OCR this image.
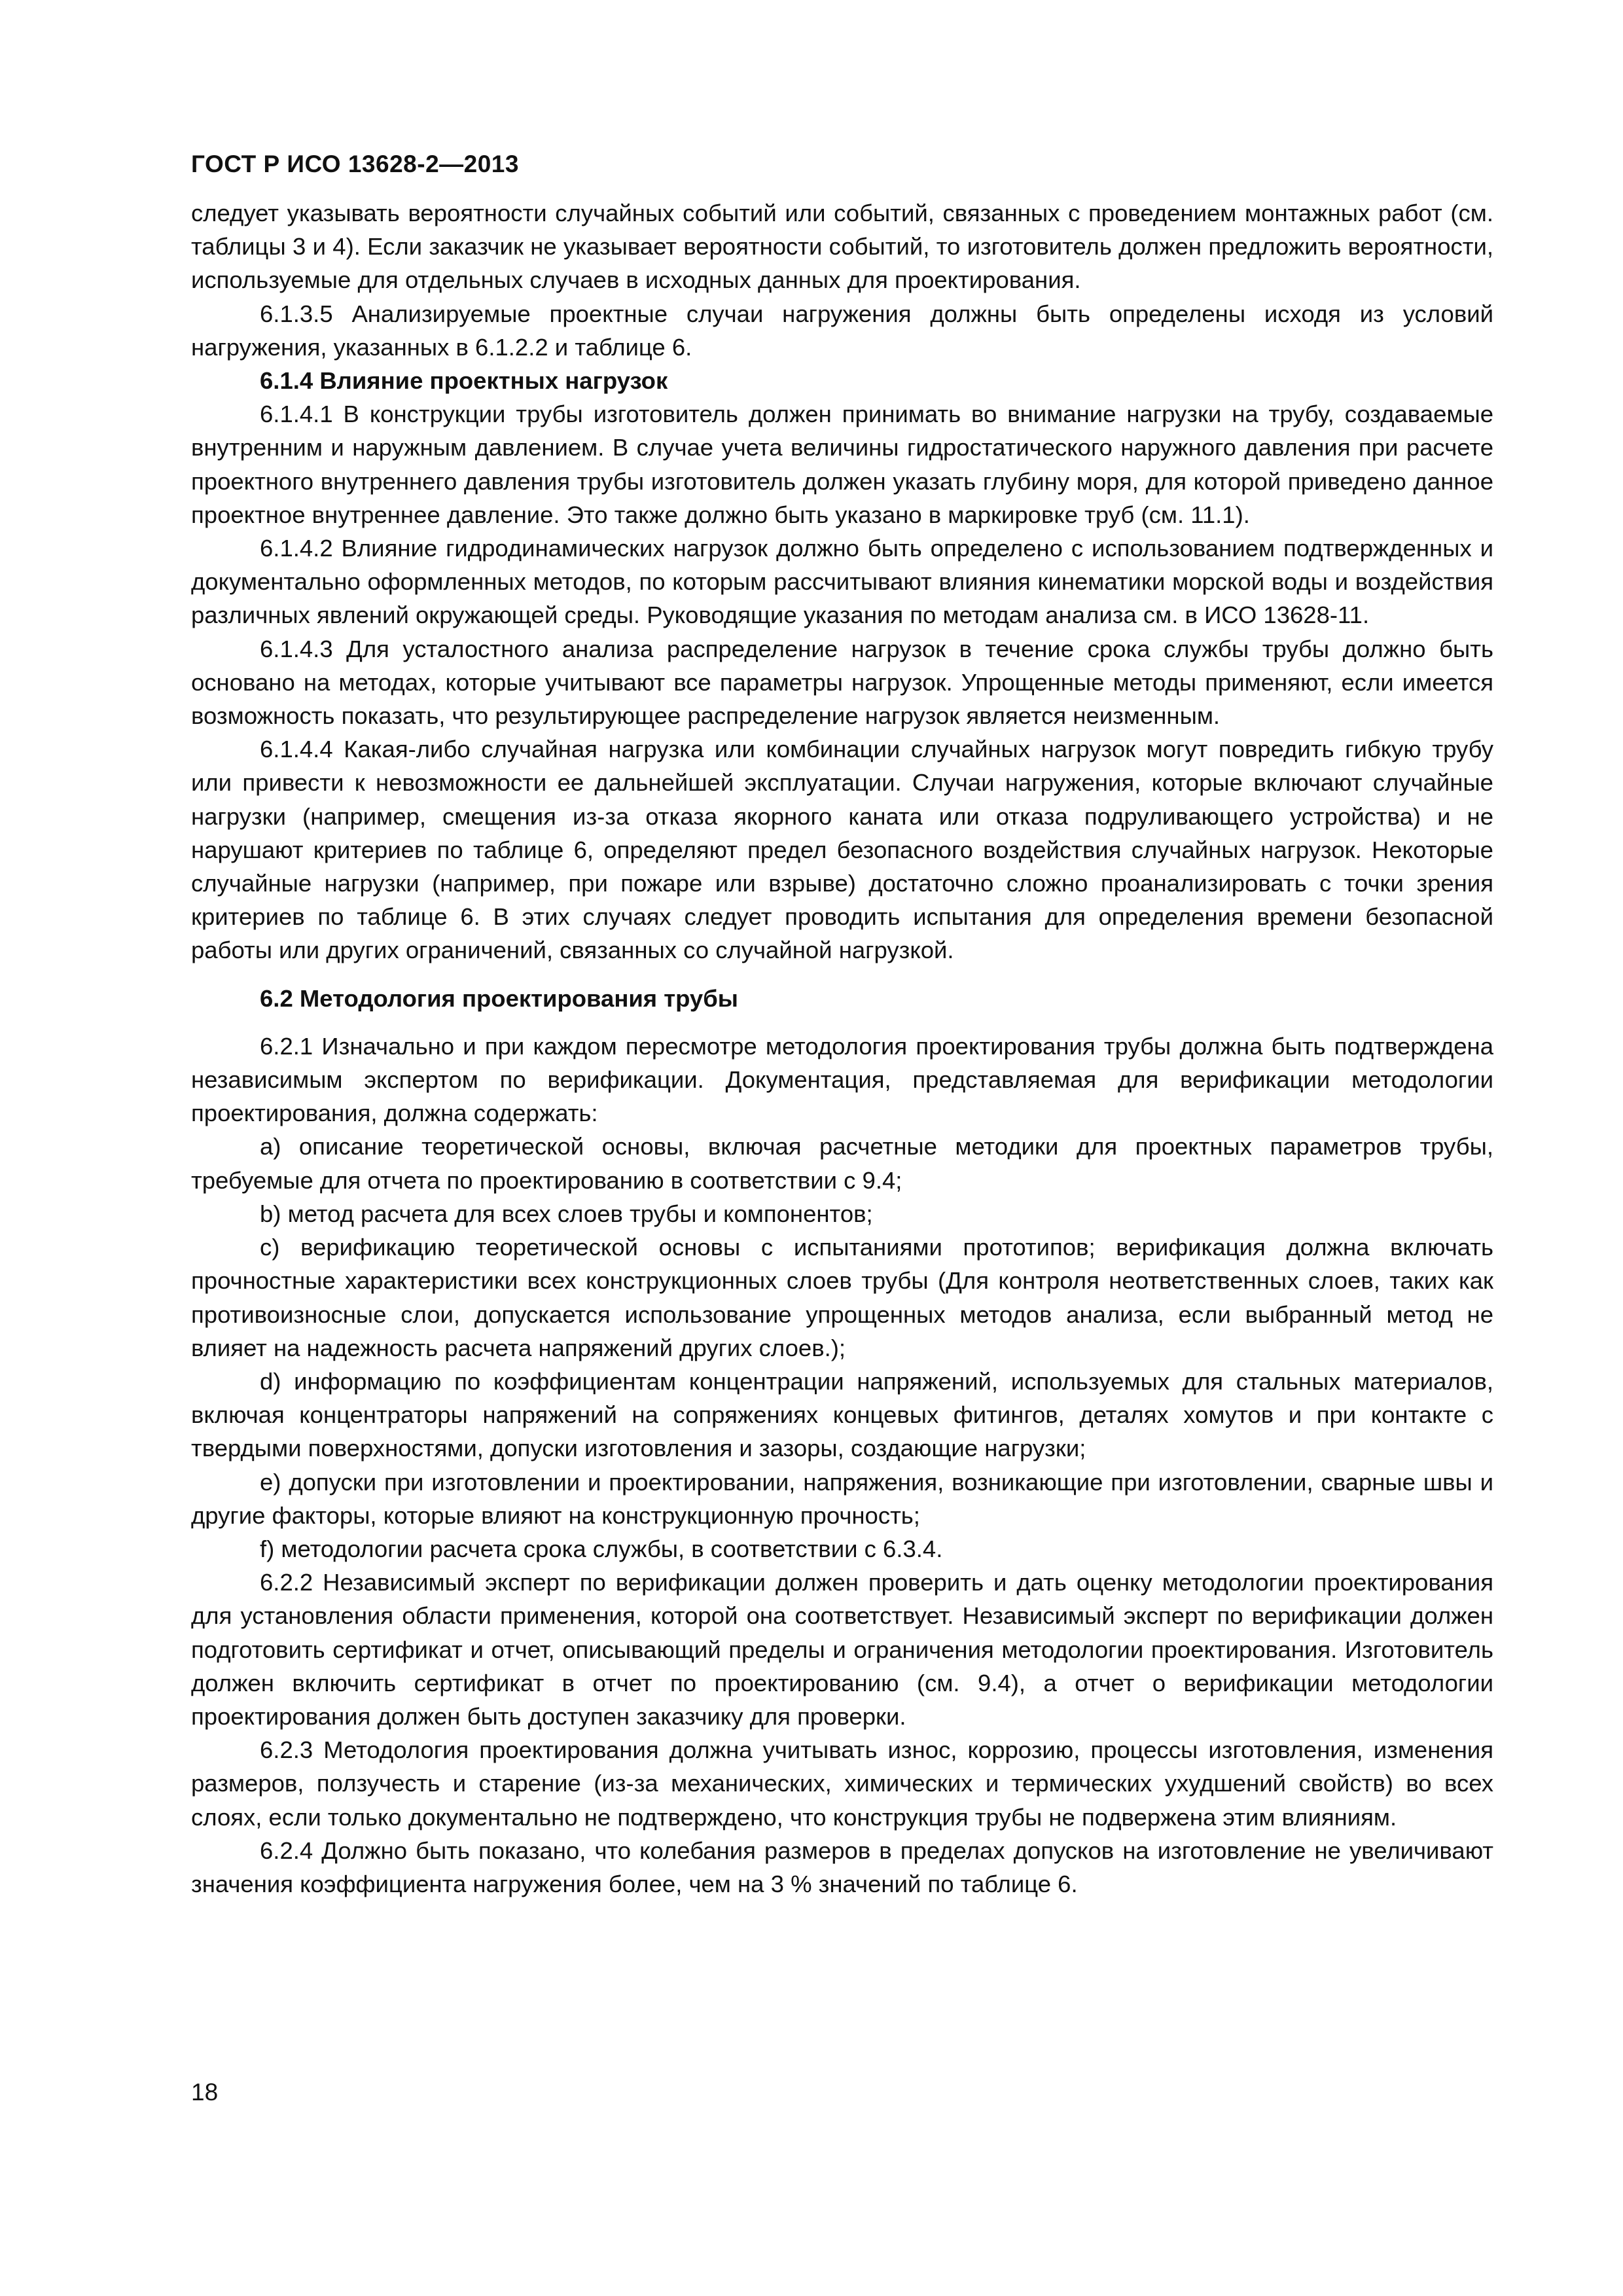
ГОСТ Р ИСО 13628-2—2013

следует указывать вероятности случайных событий или событий, связанных с проведением монтажных работ (см. таблицы 3 и 4). Если заказчик не указывает вероятности событий, то изготовитель должен предложить вероятности, используемые для отдельных случаев в исходных данных для проектирования.

6.1.3.5 Анализируемые проектные случаи нагружения должны быть определены исходя из условий нагружения, указанных в 6.1.2.2 и таблице 6.

6.1.4 Влияние проектных нагрузок

6.1.4.1 В конструкции трубы изготовитель должен принимать во внимание нагрузки на трубу, создаваемые внутренним и наружным давлением. В случае учета величины гидростатического наружного давления при расчете проектного внутреннего давления трубы изготовитель должен указать глубину моря, для которой приведено данное проектное внутреннее давление. Это также должно быть указано в маркировке труб (см. 11.1).

6.1.4.2 Влияние гидродинамических нагрузок должно быть определено с использованием подтвержденных и документально оформленных методов, по которым рассчитывают влияния кинематики морской воды и воздействия различных явлений окружающей среды. Руководящие указания по методам анализа см. в ИСО 13628-11.

6.1.4.3 Для усталостного анализа распределение нагрузок в течение срока службы трубы должно быть основано на методах, которые учитывают все параметры нагрузок. Упрощенные методы применяют, если имеется возможность показать, что результирующее распределение нагрузок является неизменным.

6.1.4.4 Какая-либо случайная нагрузка или комбинации случайных нагрузок могут повредить гибкую трубу или привести к невозможности ее дальнейшей эксплуатации. Случаи нагружения, которые включают случайные нагрузки (например, смещения из-за отказа якорного каната или отказа подруливающего устройства) и не нарушают критериев по таблице 6, определяют предел безопасного воздействия случайных нагрузок. Некоторые случайные нагрузки (например, при пожаре или взрыве) достаточно сложно проанализировать с точки зрения критериев по таблице 6. В этих случаях следует проводить испытания для определения времени безопасной работы или других ограничений, связанных со случайной нагрузкой.

6.2 Методология проектирования трубы

6.2.1 Изначально и при каждом пересмотре методология проектирования трубы должна быть подтверждена независимым экспертом по верификации. Документация, представляемая для верификации методологии проектирования, должна содержать:

a) описание теоретической основы, включая расчетные методики для проектных параметров трубы, требуемые для отчета по проектированию в соответствии с 9.4;

b) метод расчета для всех слоев трубы и компонентов;

c) верификацию теоретической основы с испытаниями прототипов; верификация должна включать прочностные характеристики всех конструкционных слоев трубы (Для контроля неответственных слоев, таких как противоизносные слои, допускается использование упрощенных методов анализа, если выбранный метод не влияет на надежность расчета напряжений других слоев.);

d) информацию по коэффициентам концентрации напряжений, используемых для стальных материалов, включая концентраторы напряжений на сопряжениях концевых фитингов, деталях хомутов и при контакте с твердыми поверхностями, допуски изготовления и зазоры, создающие нагрузки;

e) допуски при изготовлении и проектировании, напряжения, возникающие при изготовлении, сварные швы и другие факторы, которые влияют на конструкционную прочность;

f) методологии расчета срока службы, в соответствии с 6.3.4.

6.2.2 Независимый эксперт по верификации должен проверить и дать оценку методологии проектирования для установления области применения, которой она соответствует. Независимый эксперт по верификации должен подготовить сертификат и отчет, описывающий пределы и ограничения методологии проектирования. Изготовитель должен включить сертификат в отчет по проектированию (см. 9.4), а отчет о верификации методологии проектирования должен быть доступен заказчику для проверки.

6.2.3 Методология проектирования должна учитывать износ, коррозию, процессы изготовления, изменения размеров, ползучесть и старение (из-за механических, химических и термических ухудшений свойств) во всех слоях, если только документально не подтверждено, что конструкция трубы не подвержена этим влияниям.

6.2.4 Должно быть показано, что колебания размеров в пределах допусков на изготовление не увеличивают значения коэффициента нагружения более, чем на 3 % значений по таблице 6.

18
